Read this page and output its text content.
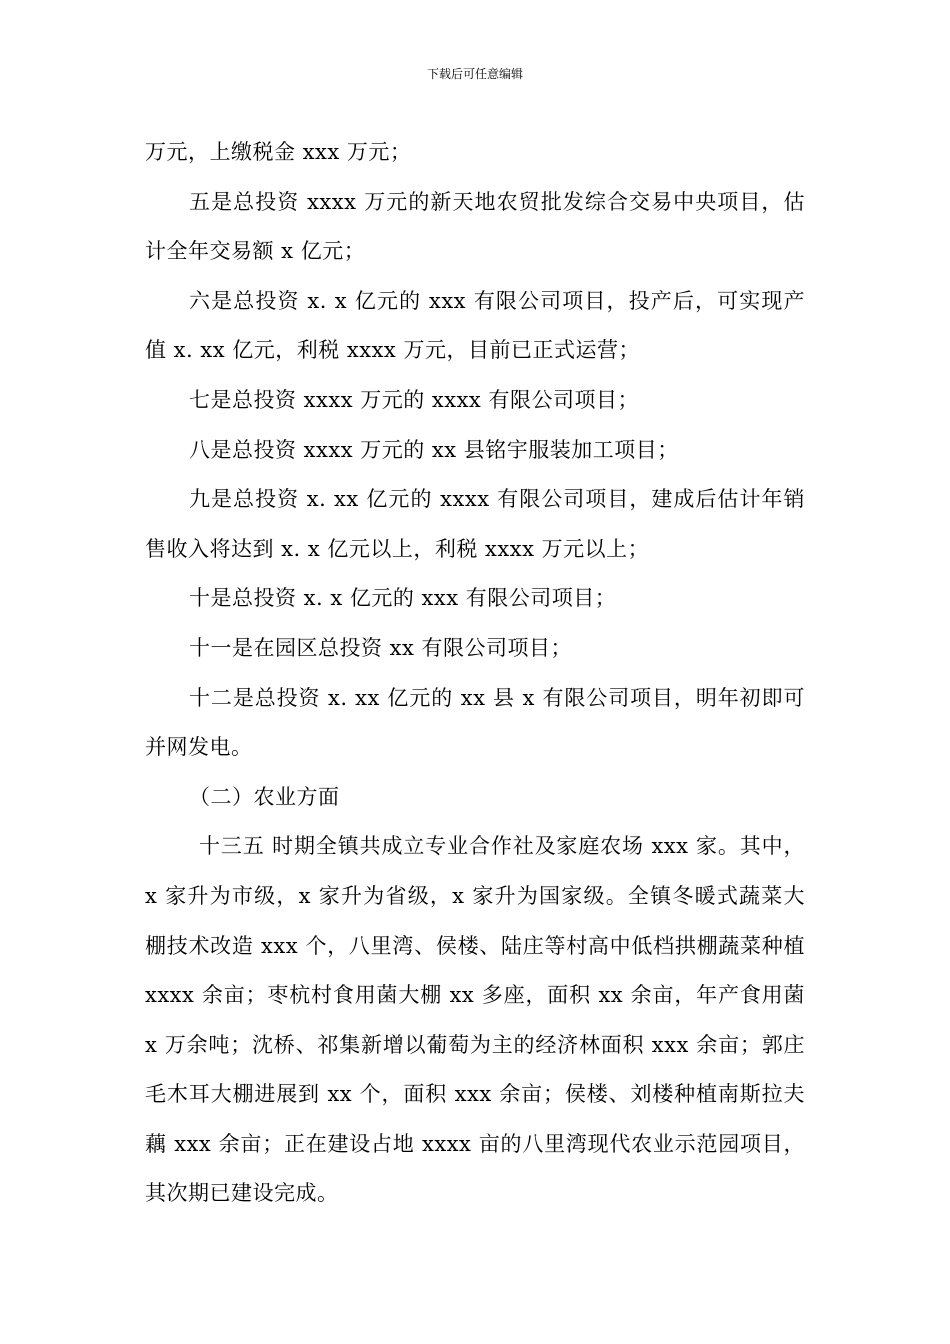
下载后可任意编辑

万元，上缴税金 xxx 万元；

五是总投资 xxxx 万元的新天地农贸批发综合交易中央项目，估计全年交易额 x 亿元；

六是总投资 x. x 亿元的 xxx 有限公司项目，投产后，可实现产值 x. xx 亿元，利税 xxxx 万元，目前已正式运营；

七是总投资 xxxx 万元的 xxxx 有限公司项目；

八是总投资 xxxx 万元的 xx 县铭宇服装加工项目；

九是总投资 x. xx 亿元的 xxxx 有限公司项目，建成后估计年销售收入将达到 x. x 亿元以上，利税 xxxx 万元以上；

十是总投资 x. x 亿元的 xxx 有限公司项目；

十一是在园区总投资 xx 有限公司项目；

十二是总投资 x. xx 亿元的 xx 县 x 有限公司项目，明年初即可并网发电。

（二）农业方面

十三五 时期全镇共成立专业合作社及家庭农场 xxx 家。其中，x 家升为市级，x 家升为省级，x 家升为国家级。全镇冬暖式蔬菜大棚技术改造 xxx 个，八里湾、侯楼、陆庄等村高中低档拱棚蔬菜种植 xxxx 余亩；枣杭村食用菌大棚 xx 多座，面积 xx 余亩，年产食用菌 x 万余吨；沈桥、祁集新增以葡萄为主的经济林面积 xxx 余亩；郭庄毛木耳大棚进展到 xx 个，面积 xxx 余亩；侯楼、刘楼种植南斯拉夫藕 xxx 余亩；正在建设占地 xxxx 亩的八里湾现代农业示范园项目，其次期已建设完成。
